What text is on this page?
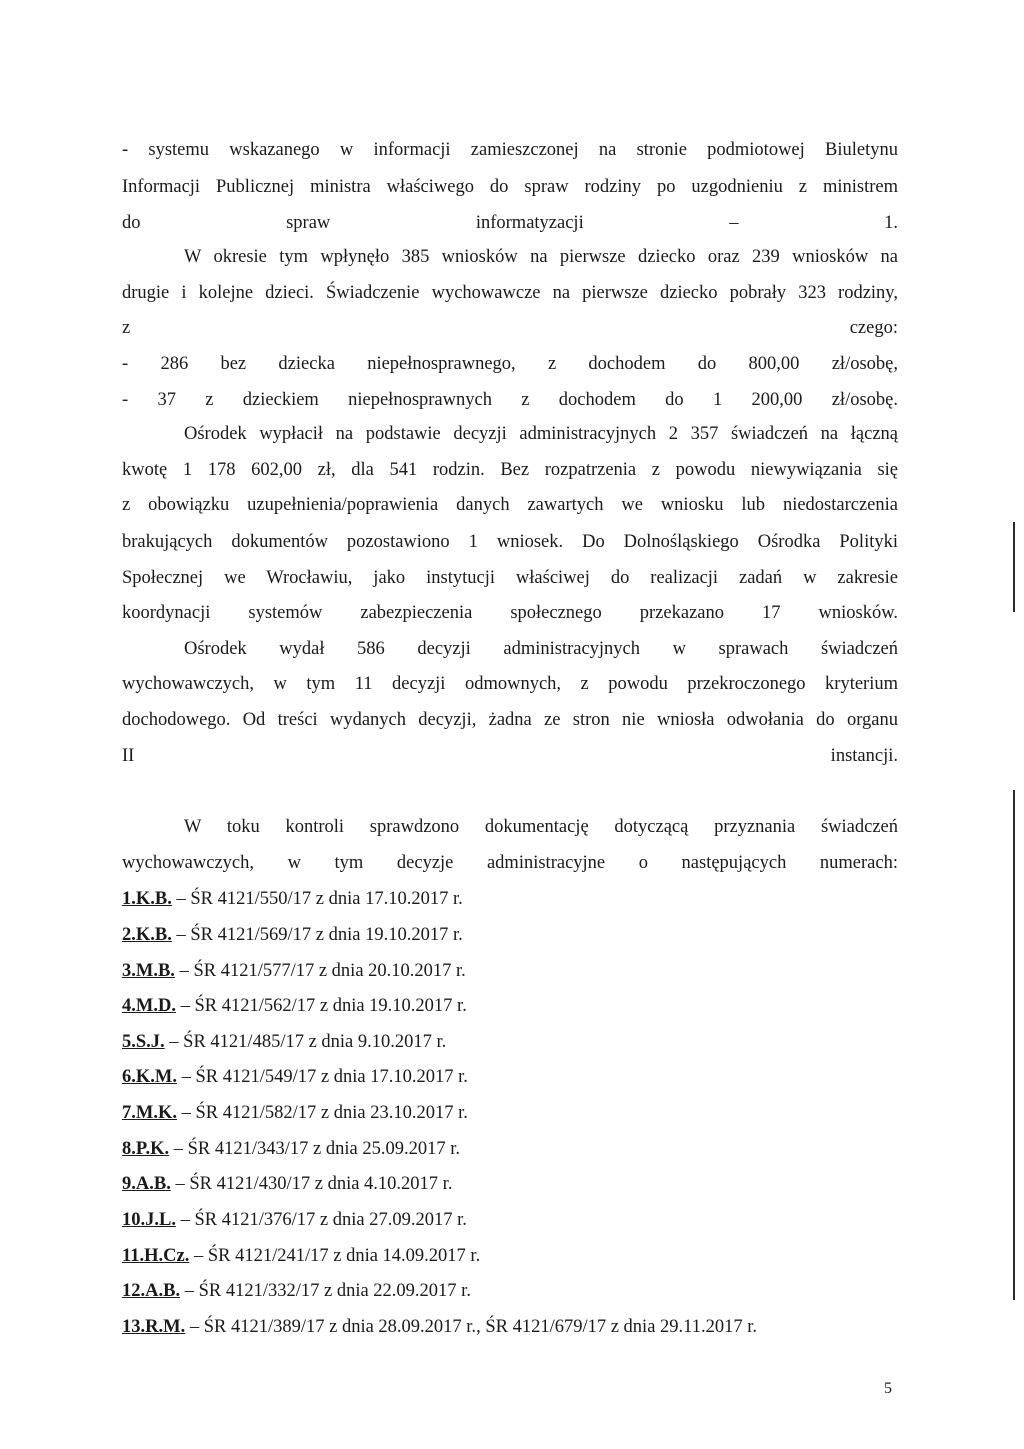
- systemu wskazanego w informacji zamieszczonej na stronie podmiotowej Biuletynu
Informacji Publicznej ministra właściwego do spraw rodziny po uzgodnieniu z ministrem
do spraw informatyzacji – 1.
W okresie tym wpłynęło 385 wniosków na pierwsze dziecko oraz 239 wniosków na
drugie i kolejne dzieci. Świadczenie wychowawcze na pierwsze dziecko pobrały 323 rodziny,
z czego:
- 286 bez dziecka niepełnosprawnego, z dochodem do 800,00 zł/osobę,
- 37 z dzieckiem niepełnosprawnych z dochodem do 1 200,00 zł/osobę.
Ośrodek wypłacił na podstawie decyzji administracyjnych 2 357 świadczeń na łączną
kwotę 1 178 602,00 zł, dla 541 rodzin. Bez rozpatrzenia z powodu niewywiązania się
z obowiązku uzupełnienia/poprawienia danych zawartych we wniosku lub niedostarczenia
brakujących dokumentów pozostawiono 1 wniosek. Do Dolnośląskiego Ośrodka Polityki
Społecznej we Wrocławiu, jako instytucji właściwej do realizacji zadań w zakresie
koordynacji systemów zabezpieczenia społecznego przekazano 17 wniosków.
Ośrodek wydał 586 decyzji administracyjnych w sprawach świadczeń
wychowawczych, w tym 11 decyzji odmownych, z powodu przekroczonego kryterium
dochodowego. Od treści wydanych decyzji, żadna ze stron nie wniosła odwołania do organu
II instancji.
W toku kontroli sprawdzono dokumentację dotyczącą przyznania świadczeń
wychowawczych, w tym decyzje administracyjne o następujących numerach:
1.K.B. – ŚR 4121/550/17 z dnia 17.10.2017 r.
2.K.B. – ŚR 4121/569/17 z dnia 19.10.2017 r.
3.M.B. – ŚR 4121/577/17 z dnia 20.10.2017 r.
4.M.D. – ŚR 4121/562/17 z dnia 19.10.2017 r.
5.S.J. – ŚR 4121/485/17 z dnia 9.10.2017 r.
6.K.M. – ŚR 4121/549/17 z dnia 17.10.2017 r.
7.M.K. – ŚR 4121/582/17 z dnia 23.10.2017 r.
8.P.K. – ŚR 4121/343/17 z dnia 25.09.2017 r.
9.A.B. – ŚR 4121/430/17 z dnia 4.10.2017 r.
10.J.L. – ŚR 4121/376/17 z dnia 27.09.2017 r.
11.H.Cz. – ŚR 4121/241/17 z dnia 14.09.2017 r.
12.A.B. – ŚR 4121/332/17 z dnia 22.09.2017 r.
13.R.M. – ŚR 4121/389/17 z dnia 28.09.2017 r., ŚR 4121/679/17 z dnia 29.11.2017 r.
5
